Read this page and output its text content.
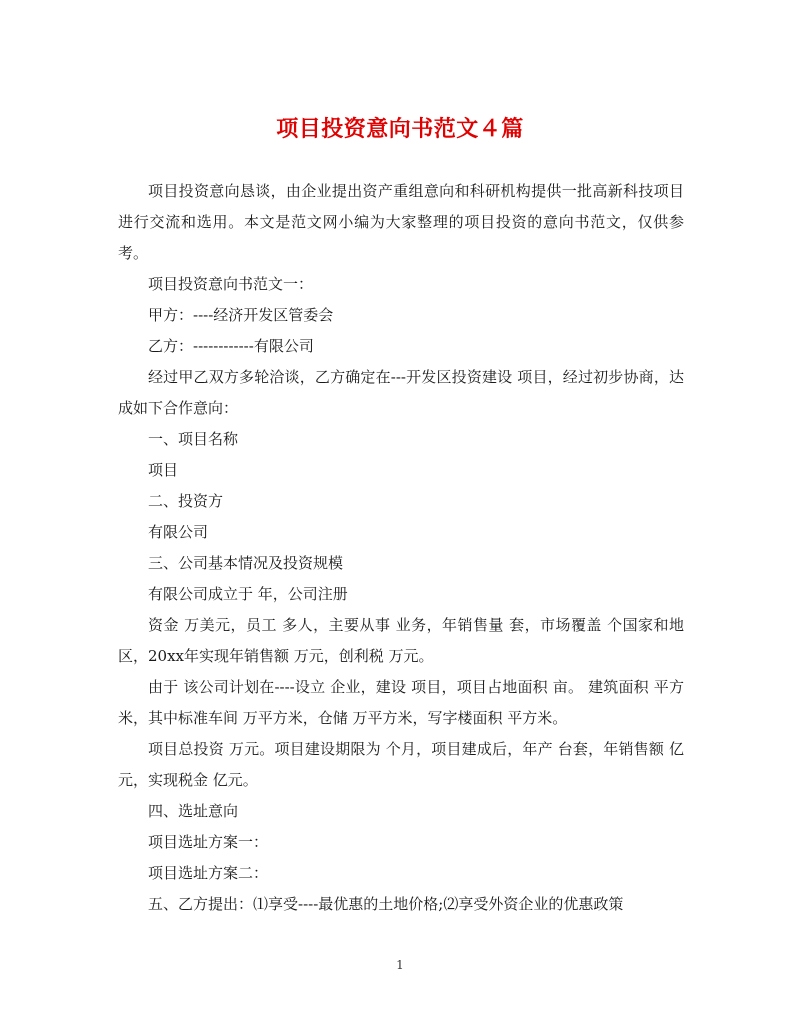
项目投资意向书范文４篇

项目投资意向恳谈，由企业提出资产重组意向和科研机构提供一批高新科技项目进行交流和选用。本文是范文网小编为大家整理的项目投资的意向书范文，仅供参考。

项目投资意向书范文一：

甲方：----经济开发区管委会

乙方：------------有限公司

经过甲乙双方多轮洽谈，乙方确定在---开发区投资建设 项目，经过初步协商，达成如下合作意向：

一、项目名称

项目

二、投资方

有限公司

三、公司基本情况及投资规模

有限公司成立于 年，公司注册

资金 万美元，员工 多人，主要从事 业务，年销售量 套，市场覆盖 个国家和地区，20xx年实现年销售额 万元，创利税 万元。

由于 该公司计划在----设立 企业，建设 项目，项目占地面积 亩。 建筑面积 平方米，其中标准车间 万平方米，仓储 万平方米，写字楼面积 平方米。

项目总投资 万元。项目建设期限为 个月，项目建成后，年产 台套，年销售额 亿元，实现税金 亿元。

四、选址意向

项目选址方案一：

项目选址方案二：

五、乙方提出：⑴享受----最优惠的土地价格;⑵享受外资企业的优惠政策

1
